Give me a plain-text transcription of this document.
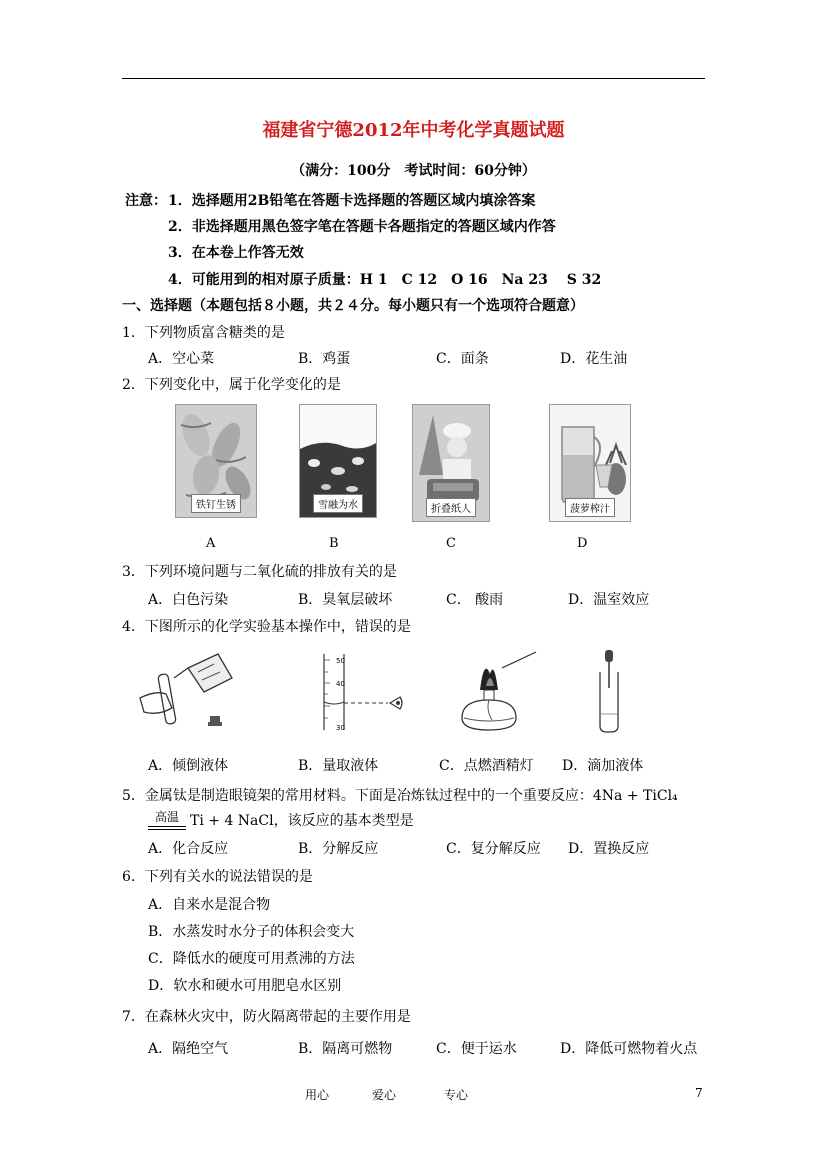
福建省宁德2012年中考化学真题试题
（满分：100分　考试时间：60分钟）
注意： 1．选择题用2B铅笔在答题卡选择题的答题区域内填涂答案
2．非选择题用黑色签字笔在答题卡各题指定的答题区域内作答
3．在本卷上作答无效
4．可能用到的相对原子质量：H 1　C 12　O 16　Na 23　 S 32
一、选择题（本题包括８小题，共２４分。每小题只有一个选项符合题意）
1．下列物质富含糖类的是
A．空心菜	B．鸡蛋	C．面条	D．花生油
2．下列变化中，属于化学变化的是
铁钉生锈	雪融为水	折叠纸人	菠萝榨汁
A	B	C	D
3．下列环境问题与二氧化硫的排放有关的是
A．白色污染	B．臭氧层破坏	C． 酸雨	D．温室效应
4．下图所示的化学实验基本操作中，错误的是
50
40
30
A．倾倒液体	B．量取液体	C．点燃酒精灯 D．滴加液体
5．金属钛是制造眼镜架的常用材料。下面是冶炼钛过程中的一个重要反应：4Na + TiCl₄
高温 Ti + 4 NaCl，该反应的基本类型是
A．化合反应	B．分解反应	C．复分解反应 D．置换反应
6．下列有关水的说法错误的是
A．自来水是混合物
B．水蒸发时水分子的体积会变大
C．降低水的硬度可用煮沸的方法
D．软水和硬水可用肥皂水区别
7．在森林火灾中，防火隔离带起的主要作用是
A．隔绝空气	B．隔离可燃物	C．便于运水	D．降低可燃物着火点
用心	爱心	专心	7
